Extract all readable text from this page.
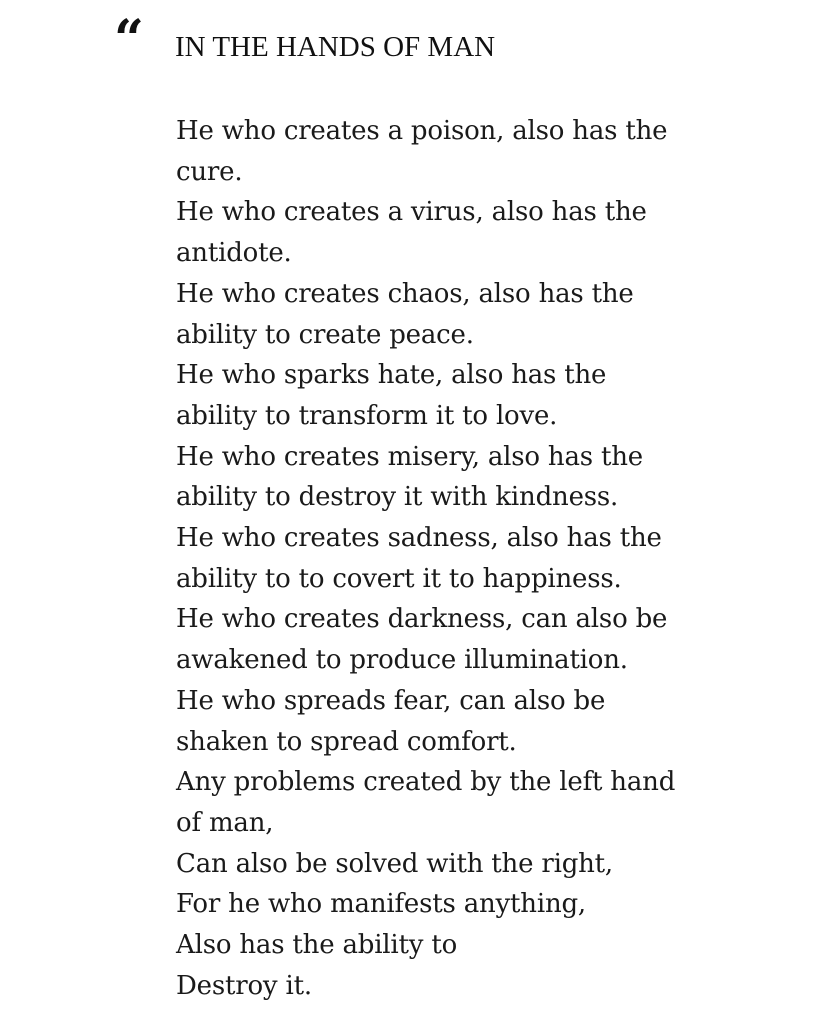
“ IN THE HANDS OF MAN
He who creates a poison, also has the
cure.
He who creates a virus, also has the
antidote.
He who creates chaos, also has the
ability to create peace.
He who sparks hate, also has the
ability to transform it to love.
He who creates misery, also has the
ability to destroy it with kindness.
He who creates sadness, also has the
ability to to covert it to happiness.
He who creates darkness, can also be
awakened to produce illumination.
He who spreads fear, can also be
shaken to spread comfort.
Any problems created by the left hand
of man,
Can also be solved with the right,
For he who manifests anything,
Also has the ability to
Destroy it.
